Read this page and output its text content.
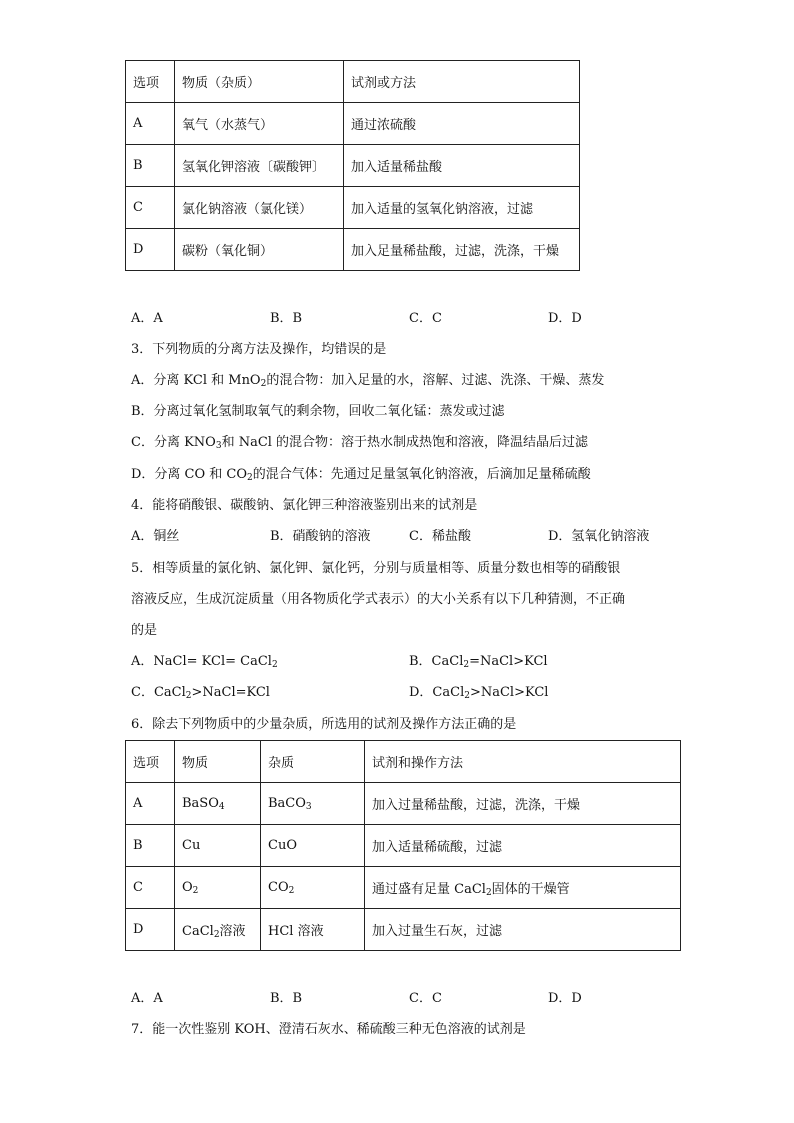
选项	物质（杂质）	试剂或方法
A	氧气（水蒸气）	通过浓硫酸
B	氢氧化钾溶液〔碳酸钾〕	加入适量稀盐酸
C	氯化钠溶液（氯化镁）	加入适量的氢氧化钠溶液，过滤
D	碳粉（氧化铜）	加入足量稀盐酸，过滤，洗涤，干燥
A．A	B．B	C．C	D．D
3．下列物质的分离方法及操作，均错误的是
A．分离 KCl 和 MnO$_2$的混合物：加入足量的水，溶解、过滤、洗涤、干燥、蒸发
B．分离过氧化氢制取氧气的剩余物，回收二氧化锰：蒸发或过滤
C．分离 $KNO_3$和 NaCl 的混合物：溶于热水制成热饱和溶液，降温结晶后过滤
D．分离 CO 和 $CO_2$的混合气体：先通过足量氢氧化钠溶液，后滴加足量稀硫酸
4．能将硝酸银、碳酸钠、氯化钾三种溶液鉴别出来的试剂是
A．铜丝	B．硝酸钠的溶液	C．稀盐酸	D．氢氧化钠溶液
5．相等质量的氯化钠、氯化钾、氯化钙，分别与质量相等、质量分数也相等的硝酸银
溶液反应，生成沉淀质量（用各物质化学式表示）的大小关系有以下几种猜测，不正确
的是
A．NaCl= KCl= CaCl$_2$	B．CaCl$_2$=NaCl>KCl
C．CaCl$_2$>NaCl=KCl	D．CaCl$_2$>NaCl>KCl
6．除去下列物质中的少量杂质，所选用的试剂及操作方法正确的是
选项	物质	杂质	试剂和操作方法
A	BaSO$_4$	BaCO$_3$	加入过量稀盐酸，过滤，洗涤，干燥
B	Cu	CuO	加入适量稀硫酸，过滤
C	$O_2$	$CO_2$	通过盛有足量 CaCl$_2$固体的干燥管
D	CaCl$_2$溶液	HCl 溶液	加入过量生石灰，过滤
A．A	B．B	C．C	D．D
7．能一次性鉴别 KOH、澄清石灰水、稀硫酸三种无色溶液的试剂是
